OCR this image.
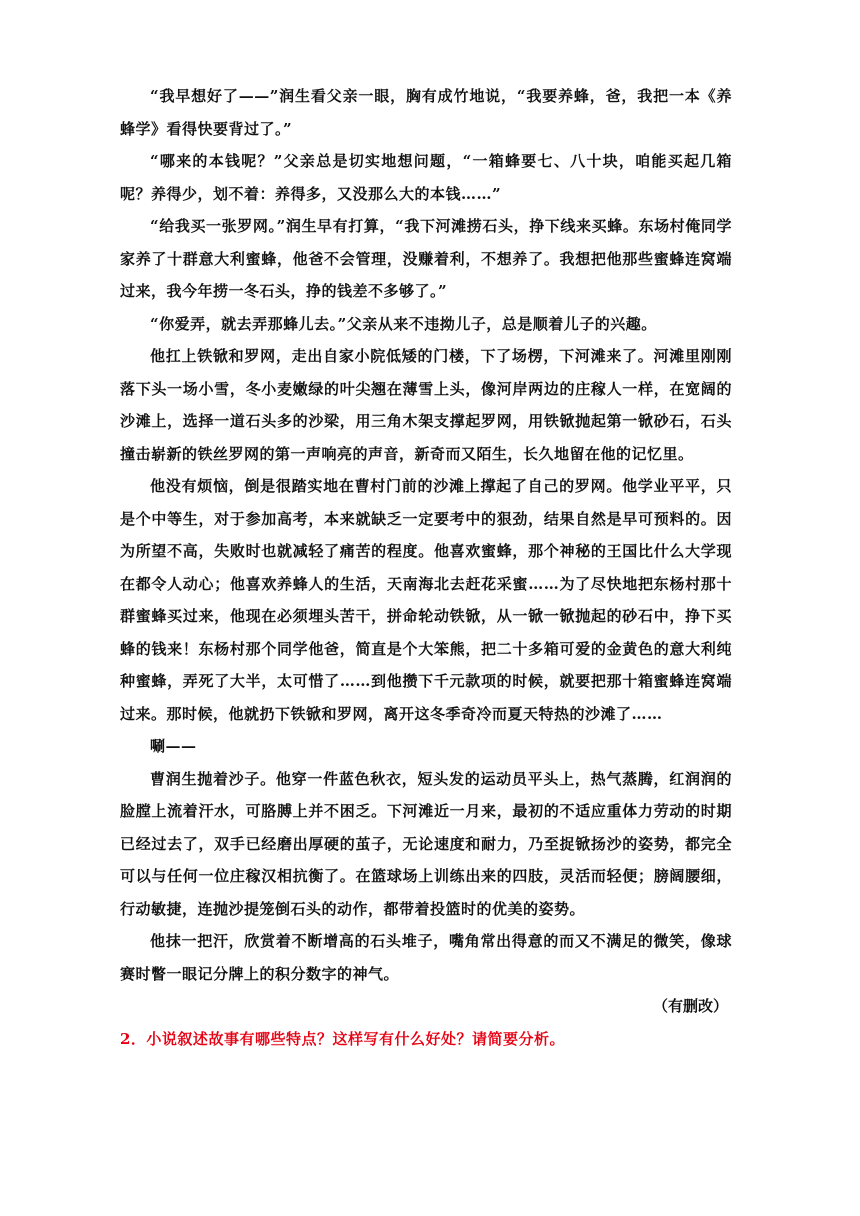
“我早想好了——”润生看父亲一眼，胸有成竹地说，“我要养蜂，爸，我把一本《养蜂学》看得快要背过了。”

“哪来的本钱呢？”父亲总是切实地想问题，“一箱蜂要七、八十块，咱能买起几箱呢？养得少，划不着：养得多，又没那么大的本钱……”

“给我买一张罗网。”润生早有打算，“我下河滩捞石头，挣下线来买蜂。东场村俺同学家养了十群意大利蜜蜂，他爸不会管理，没赚着利，不想养了。我想把他那些蜜蜂连窝端过来，我今年捞一冬石头，挣的钱差不多够了。”

“你爱弄，就去弄那蜂儿去。”父亲从来不违拗儿子，总是顺着儿子的兴趣。

他扛上铁锨和罗网，走出自家小院低矮的门楼，下了场楞，下河滩来了。河滩里刚刚落下头一场小雪，冬小麦嫩绿的叶尖翘在薄雪上头，像河岸两边的庄稼人一样，在宽阔的沙滩上，选择一道石头多的沙梁，用三角木架支撑起罗网，用铁锨抛起第一锨砂石，石头撞击崭新的铁丝罗网的第一声响亮的声音，新奇而又陌生，长久地留在他的记忆里。

他没有烦恼，倒是很踏实地在曹村门前的沙滩上撑起了自己的罗网。他学业平平，只是个中等生，对于参加高考，本来就缺乏一定要考中的狠劲，结果自然是早可预料的。因为所望不高，失败时也就减轻了痛苦的程度。他喜欢蜜蜂，那个神秘的王国比什么大学现在都令人动心；他喜欢养蜂人的生活，天南海北去赶花采蜜……为了尽快地把东杨村那十群蜜蜂买过来，他现在必须埋头苦干，拼命轮动铁锨，从一锨一锨抛起的砂石中，挣下买蜂的钱来！东杨村那个同学他爸，简直是个大笨熊，把二十多箱可爱的金黄色的意大利纯种蜜蜂，弄死了大半，太可惜了……到他攒下千元款项的时候，就要把那十箱蜜蜂连窝端过来。那时候，他就扔下铁锨和罗网，离开这冬季奇冷而夏天特热的沙滩了……

唰——

曹润生抛着沙子。他穿一件蓝色秋衣，短头发的运动员平头上，热气蒸腾，红润润的脸膛上流着汗水，可胳膊上并不困乏。下河滩近一月来，最初的不适应重体力劳动的时期已经过去了，双手已经磨出厚硬的茧子，无论速度和耐力，乃至捉锨扬沙的姿势，都完全可以与任何一位庄稼汉相抗衡了。在篮球场上训练出来的四肢，灵活而轻便；膀阔腰细，行动敏捷，连抛沙提笼倒石头的动作，都带着投篮时的优美的姿势。

他抹一把汗，欣赏着不断增高的石头堆子，嘴角常出得意的而又不满足的微笑，像球赛时瞥一眼记分牌上的积分数字的神气。

（有删改）

2．小说叙述故事有哪些特点？这样写有什么好处？请简要分析。
